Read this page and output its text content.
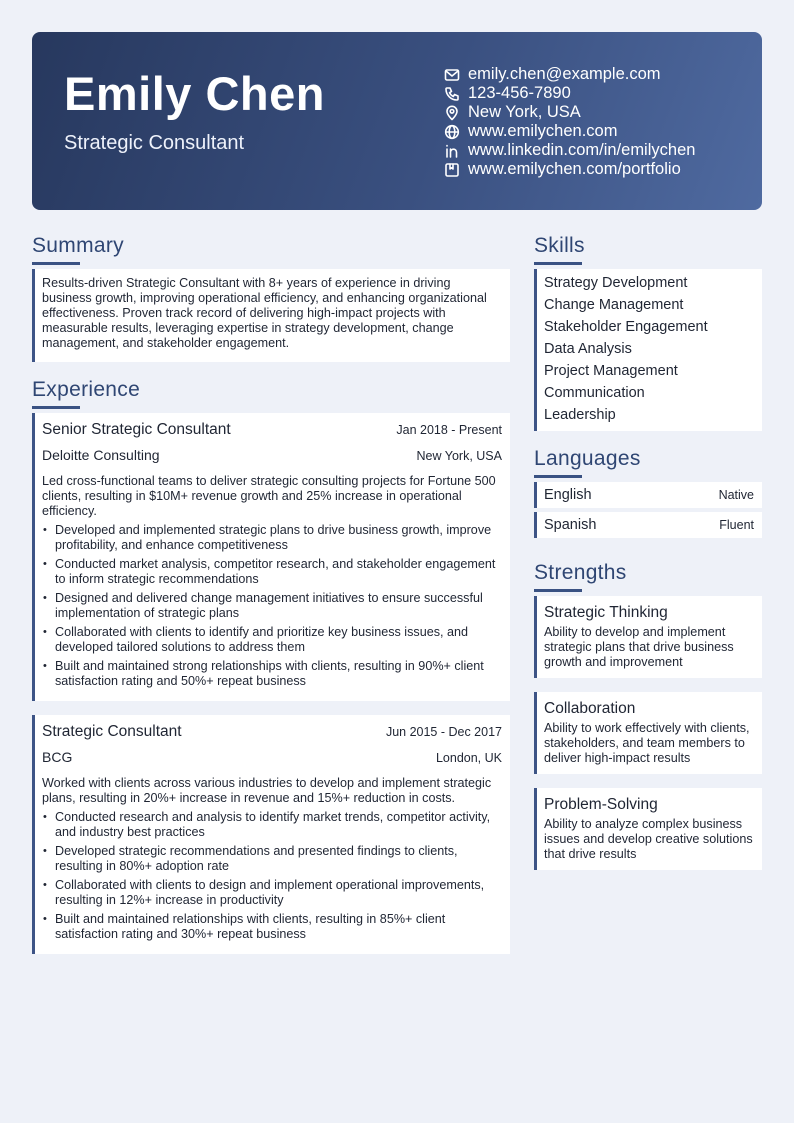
Emily Chen
Strategic Consultant
emily.chen@example.com
123-456-7890
New York, USA
www.emilychen.com
www.linkedin.com/in/emilychen
www.emilychen.com/portfolio
Summary

Results-driven Strategic Consultant with 8+ years of experience in driving business growth, improving operational efficiency, and enhancing organizational effectiveness. Proven track record of delivering high-impact projects with measurable results, leveraging expertise in strategy development, change management, and stakeholder engagement.

Experience
Senior Strategic Consultant	Jan 2018 - Present
Deloitte Consulting	New York, USA

Led cross-functional teams to deliver strategic consulting projects for Fortune 500 clients, resulting in $10M+ revenue growth and 25% increase in operational efficiency.

• Developed and implemented strategic plans to drive business growth, improve profitability, and enhance competitiveness
• Conducted market analysis, competitor research, and stakeholder engagement to inform strategic recommendations
• Designed and delivered change management initiatives to ensure successful implementation of strategic plans
• Collaborated with clients to identify and prioritize key business issues, and developed tailored solutions to address them
• Built and maintained strong relationships with clients, resulting in 90%+ client satisfaction rating and 50%+ repeat business
Strategic Consultant	Jun 2015 - Dec 2017
BCG	London, UK

Worked with clients across various industries to develop and implement strategic plans, resulting in 20%+ increase in revenue and 15%+ reduction in costs.

• Conducted research and analysis to identify market trends, competitor activity, and industry best practices
• Developed strategic recommendations and presented findings to clients, resulting in 80%+ adoption rate
• Collaborated with clients to design and implement operational improvements, resulting in 12%+ increase in productivity
• Built and maintained relationships with clients, resulting in 85%+ client satisfaction rating and 30%+ repeat business
Skills
Strategy Development
Change Management
Stakeholder Engagement
Data Analysis
Project Management
Communication
Leadership
Languages
English	Native
Spanish	Fluent
Strengths

Strategic Thinking

Ability to develop and implement strategic plans that drive business growth and improvement

Collaboration

Ability to work effectively with clients, stakeholders, and team members to deliver high-impact results

Problem-Solving

Ability to analyze complex business issues and develop creative solutions that drive results
